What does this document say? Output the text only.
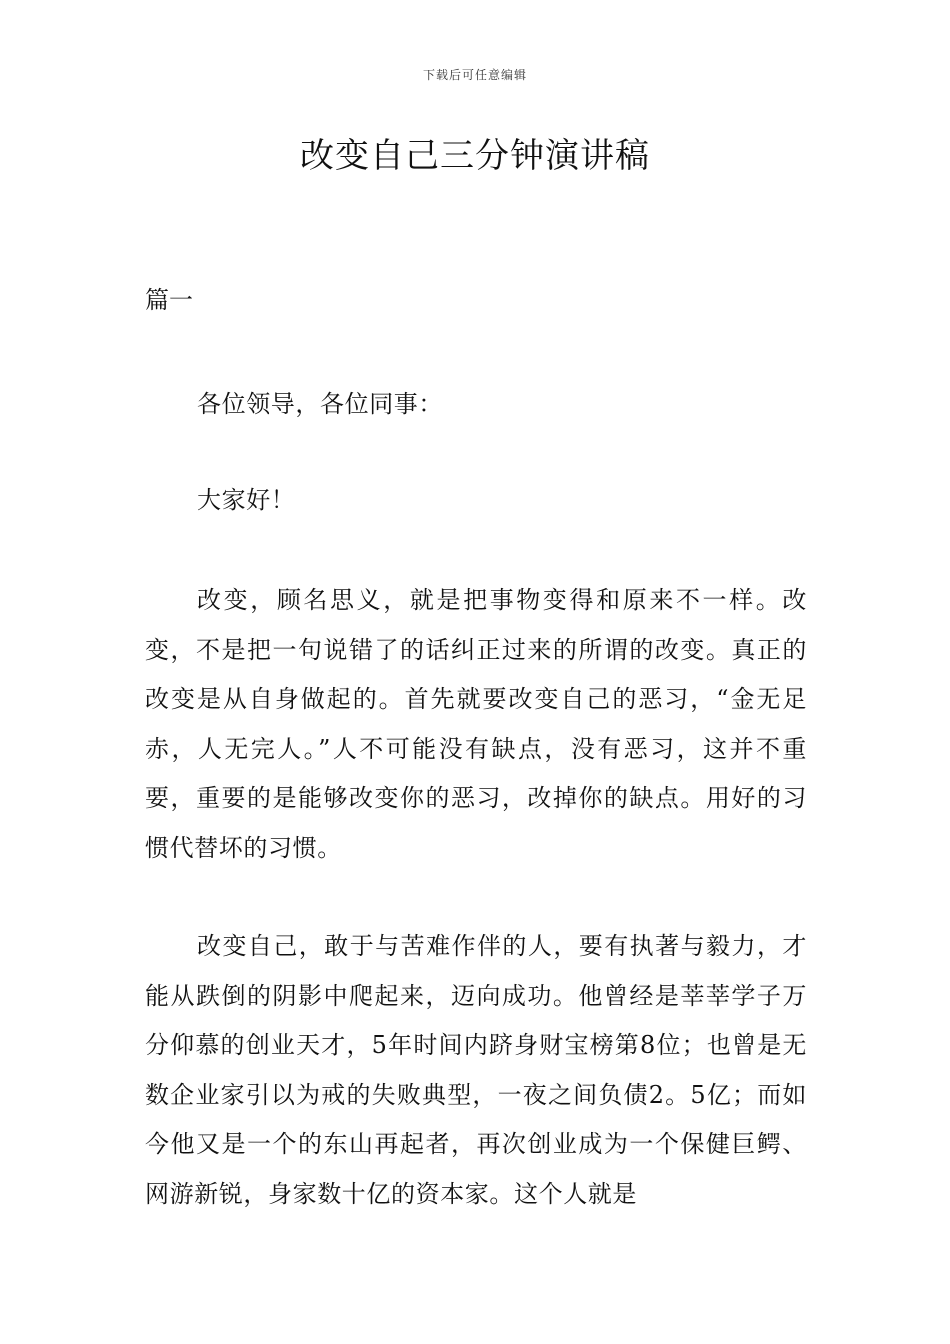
下载后可任意编辑
改变自己三分钟演讲稿
篇一

各位领导，各位同事：

大家好！

改变，顾名思义，就是把事物变得和原来不一样。改变，不是把一句说错了的话纠正过来的所谓的改变。真正的改变是从自身做起的。首先就要改变自己的恶习，“金无足赤，人无完人。”人不可能没有缺点，没有恶习，这并不重要，重要的是能够改变你的恶习，改掉你的缺点。用好的习惯代替坏的习惯。

改变自己，敢于与苦难作伴的人，要有执著与毅力，才能从跌倒的阴影中爬起来，迈向成功。他曾经是莘莘学子万分仰慕的创业天才，5年时间内跻身财宝榜第8位；也曾是无数企业家引以为戒的失败典型，一夜之间负债2。5亿；而如今他又是一个的东山再起者，再次创业成为一个保健巨鳄、网游新锐，身家数十亿的资本家。这个人就是
